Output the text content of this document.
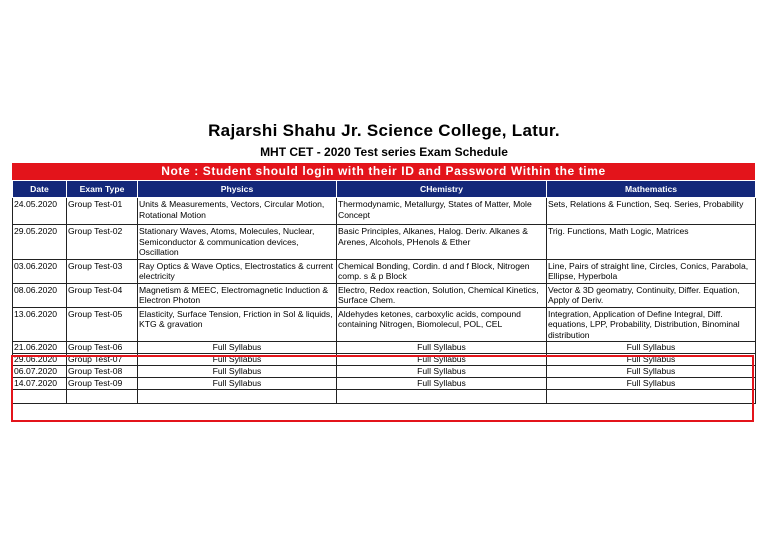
Rajarshi Shahu Jr. Science College, Latur.
MHT CET - 2020 Test series Exam Schedule
Note : Student should login with their ID and Password Within the time
Date	Exam Type	Physics	CHemistry	Mathematics
24.05.2020	Group Test-01	Units & Measurements, Vectors, Circular Motion, Rotational Motion	Thermodynamic, Metallurgy, States of Matter, Mole Concept	Sets, Relations & Function, Seq. Series, Probability
29.05.2020	Group Test-02	Stationary Waves, Atoms, Molecules, Nuclear, Semiconductor & communication devices, Oscillation	Basic Principles, Alkanes, Halog. Deriv. Alkanes & Arenes, Alcohols, PHenols & Ether	Trig. Functions, Math Logic, Matrices
03.06.2020	Group Test-03	Ray Optics & Wave Optics, Electrostatics & current electricity	Chemical Bonding, Cordin. d and f Block, Nitrogen comp. s & p Block	Line, Pairs of straight line, Circles, Conics, Parabola, Ellipse, Hyperbola
08.06.2020	Group Test-04	Magnetism & MEEC, Electromagnetic Induction & Electron Photon	Electro, Redox reaction, Solution, Chemical Kinetics, Surface Chem.	Vector & 3D geomatry, Continuity, Differ. Equation, Apply of Deriv.
13.06.2020	Group Test-05	Elasticity, Surface Tension, Friction in Sol & liquids, KTG & gravation	Aldehydes ketones, carboxylic acids, compound containing Nitrogen, Biomolecul, POL, CEL	Integration, Application of Define Integral, Diff. equations, LPP, Probability, Distribution, Binominal distribution
21.06.2020	Group Test-06	Full Syllabus	Full Syllabus	Full Syllabus
29.06.2020	Group Test-07	Full Syllabus	Full Syllabus	Full Syllabus
06.07.2020	Group Test-08	Full Syllabus	Full Syllabus	Full Syllabus
14.07.2020	Group Test-09	Full Syllabus	Full Syllabus	Full Syllabus
